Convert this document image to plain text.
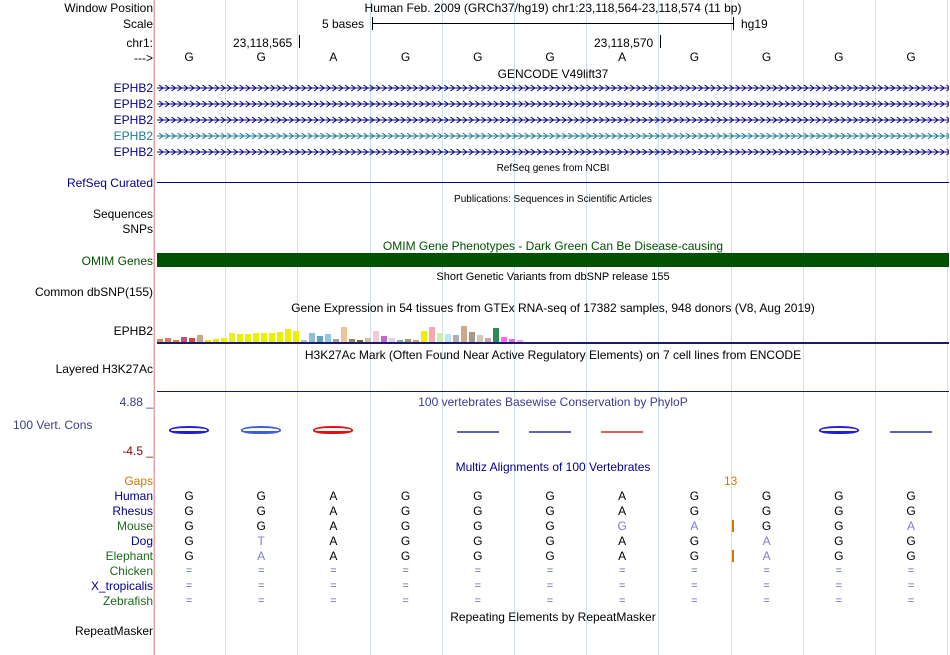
Window Position	Human Feb. 2009 (GRCh37/hg19) chr1:23,118,564-23,118,574 (11 bp)
Scale	5 bases	hg19
chr1:	23,118,565	23,118,570
--->	G	G	A	G	G	G	A	G	G	G	G
GENCODE V49lift37
EPHB2
EPHB2
EPHB2
EPHB2
EPHB2
RefSeq genes from NCBI
RefSeq Curated
Publications: Sequences in Scientific Articles
Sequences
SNPs
OMIM Gene Phenotypes - Dark Green Can Be Disease-causing
OMIM Genes
Short Genetic Variants from dbSNP release 155
Common dbSNP(155)
Gene Expression in 54 tissues from GTEx RNA-seq of 17382 samples, 948 donors (V8, Aug 2019)
EPHB2
H3K27Ac Mark (Often Found Near Active Regulatory Elements) on 7 cell lines from ENCODE
Layered H3K27Ac
4.88 _	100 vertebrates Basewise Conservation by PhyloP
100 Vert. Cons
-4.5 _
Multiz Alignments of 100 Vertebrates
Gaps	13
Human	G	G	A	G	G	G	A	G	G	G	G
Rhesus	G	G	A	G	G	G	A	G	G	G	G
Mouse	G	G	A	G	G	G	G	A	G	G	A
Dog	G	T	A	G	G	G	A	G	A	G	G
Elephant	G	A	A	G	G	G	A	G	A	G	G
Chicken	=	=	=	=	=	=	=	=	=	=	=
X_tropicalis	=	=	=	=	=	=	=	=	=	=	=
Zebrafish	=	=	=	=	=	=	=	=	=	=	=
Repeating Elements by RepeatMasker
RepeatMasker
